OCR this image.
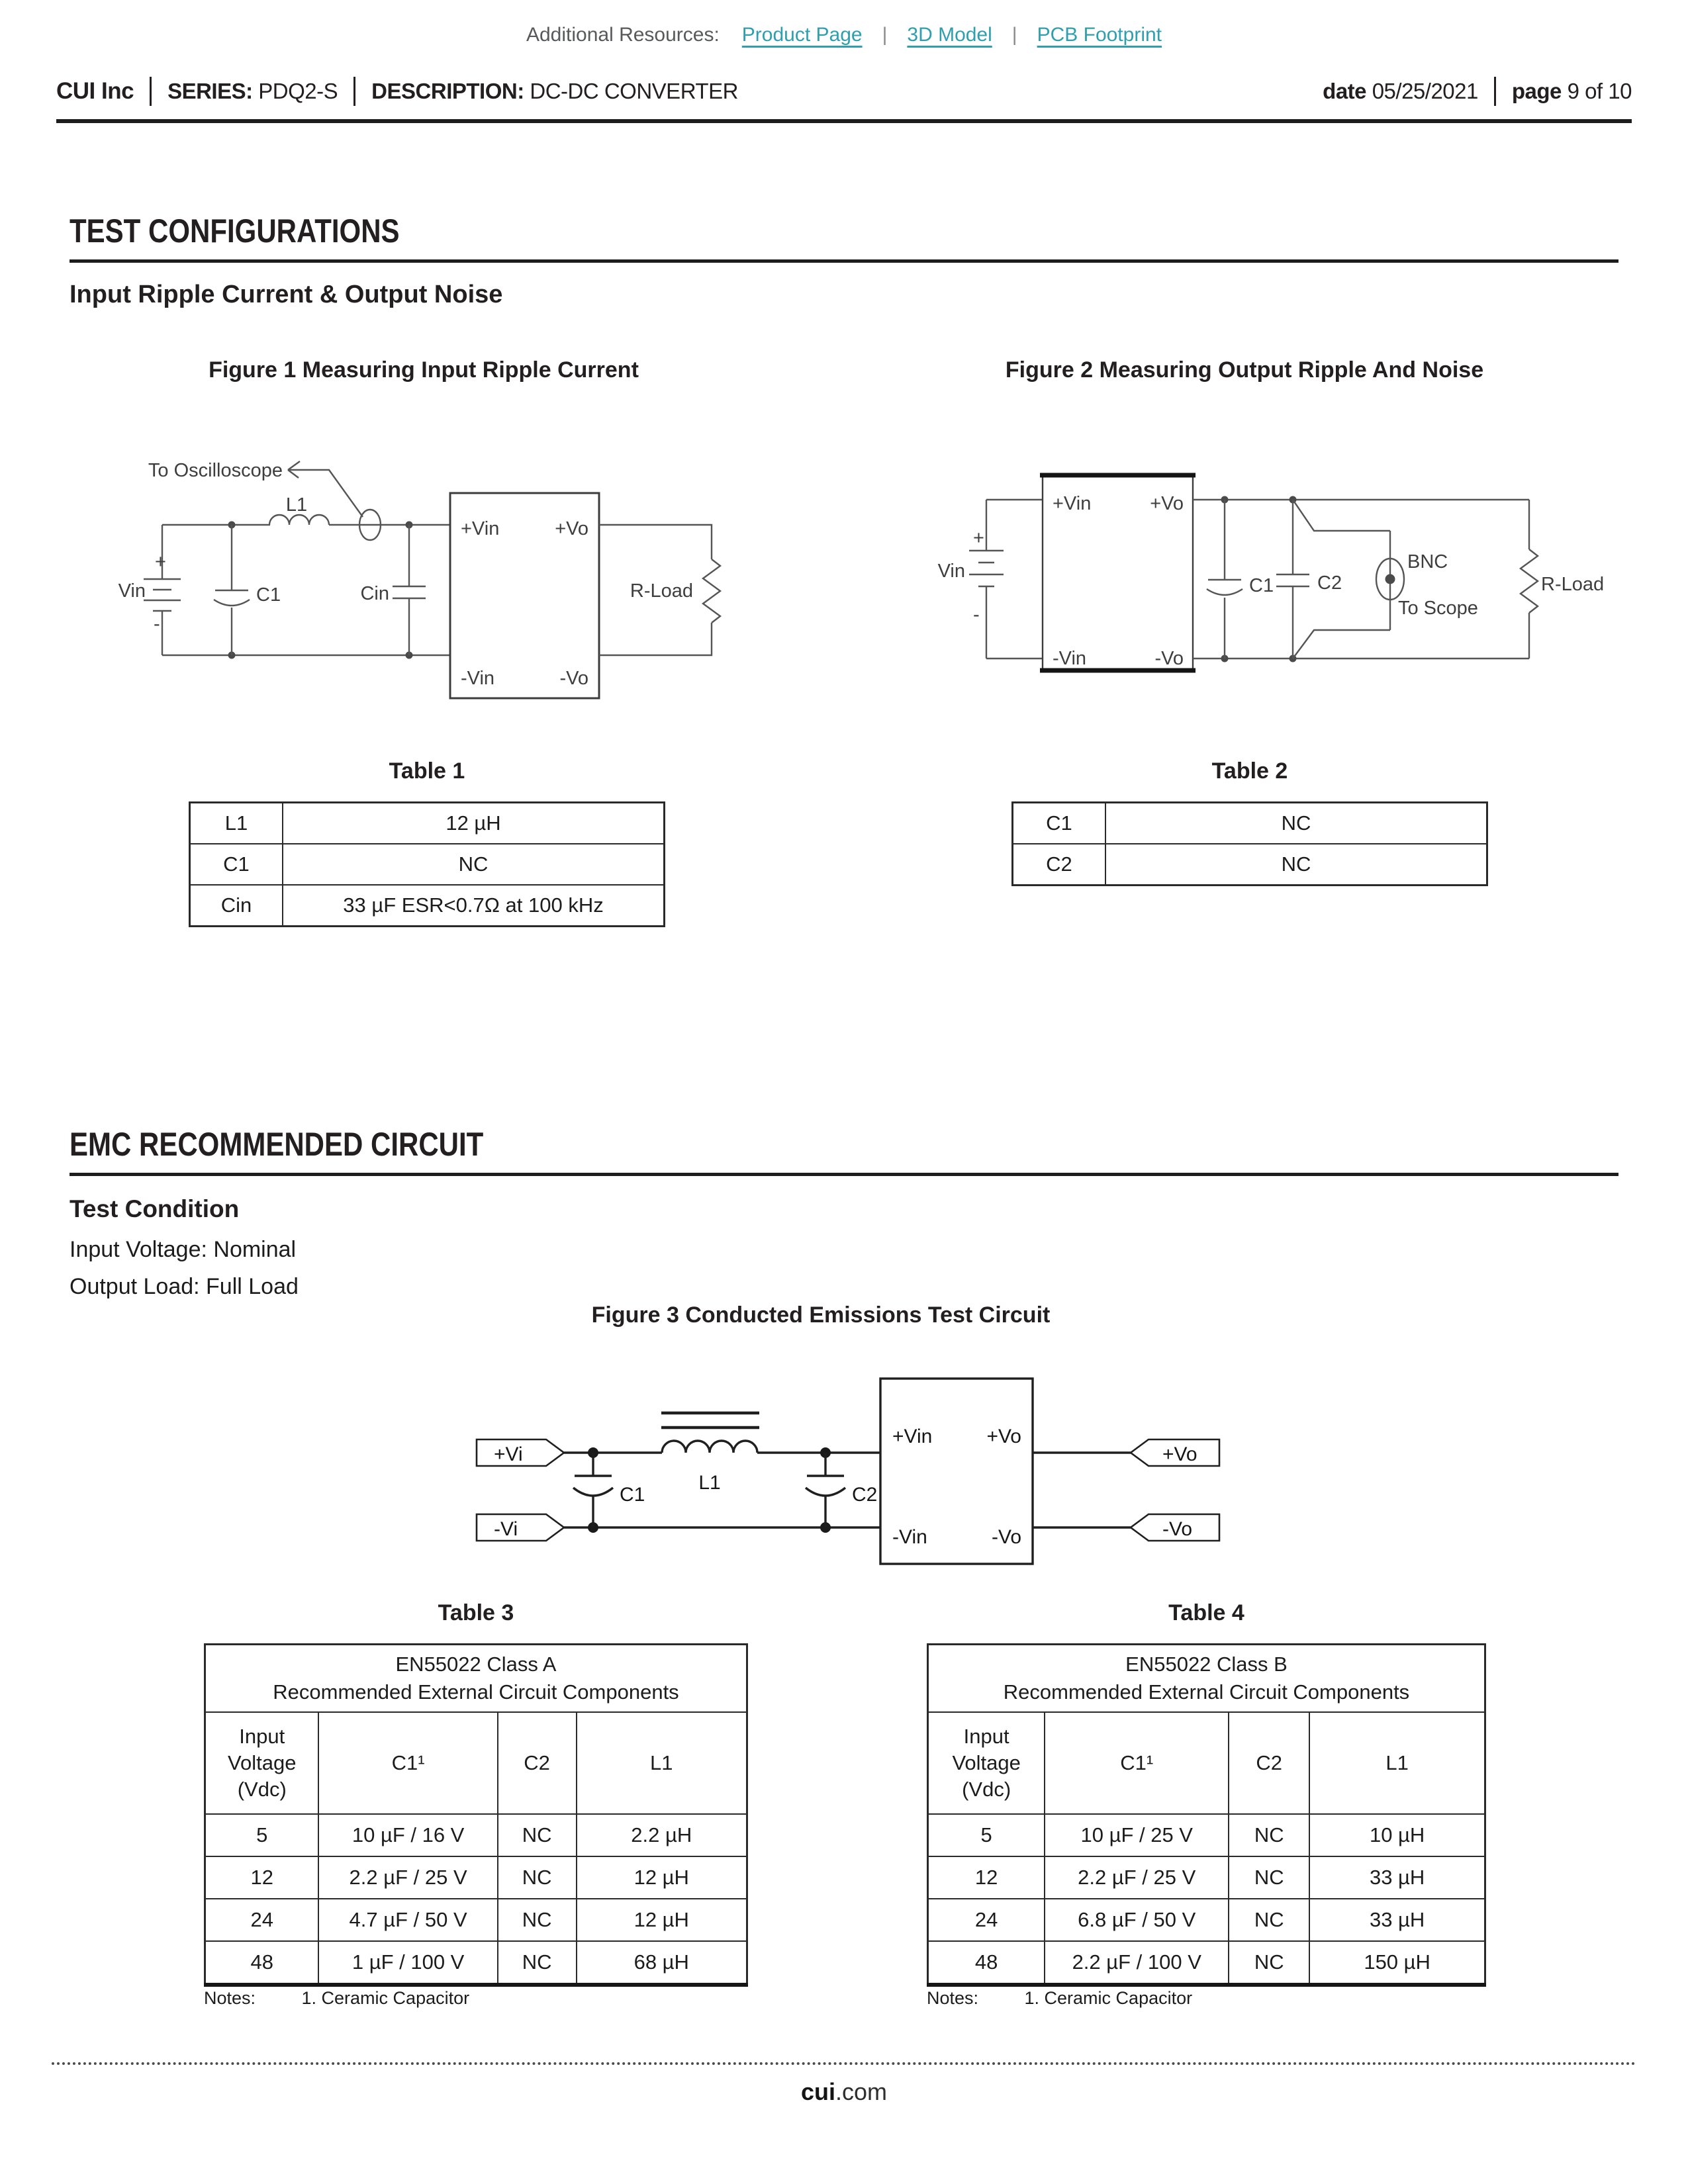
Additional Resources: Product Page | 3D Model | PCB Footprint
CUI Inc SERIES: PDQ2-S DESCRIPTION: DC-DC CONVERTER	date 05/25/2021 page 9 of 10
TEST CONFIGURATIONS
Input Ripple Current & Output Noise
Figure 1 Measuring Input Ripple Current	Figure 2 Measuring Output Ripple And Noise
To Oscilloscope
+
-
Vin	C1
L1
Cin
+Vin	+Vo
-Vin	-Vo
R-Load
+
-
Vin
+Vin	+Vo
-Vin	-Vo
C1 C2
BNC
To Scope
R-Load
Table 1
L1	12 µH
C1	NC
Cin	33 µF ESR<0.7Ω at 100 kHz
Table 2
C1	NC
C2	NC
EMC RECOMMENDED CIRCUIT
Test Condition
Input Voltage: Nominal
Output Load: Full Load
Figure 3 Conducted Emissions Test Circuit
+Vi
-Vi
C1
L1
C2
+Vin	+Vo
-Vin	-Vo
+Vo
-Vo
Table 3
EN55022 Class A
Recommended External Circuit Components			

Input Voltage (Vdc)	C1¹	C2	L1
5	10 µF / 16 V	NC	2.2 µH
12	2.2 µF / 25 V	NC	12 µH
24	4.7 µF / 50 V	NC	12 µH
48	1 µF / 100 V	NC	68 µH
Table 4
EN55022 Class B
Recommended External Circuit Components			

Input Voltage (Vdc)	C1¹	C2	L1
5	10 µF / 25 V	NC	10 µH
12	2.2 µF / 25 V	NC	33 µH
24	6.8 µF / 50 V	NC	33 µH
48	2.2 µF / 100 V	NC	150 µH
Notes:	1. Ceramic Capacitor	Notes:	1. Ceramic Capacitor
cui.com
